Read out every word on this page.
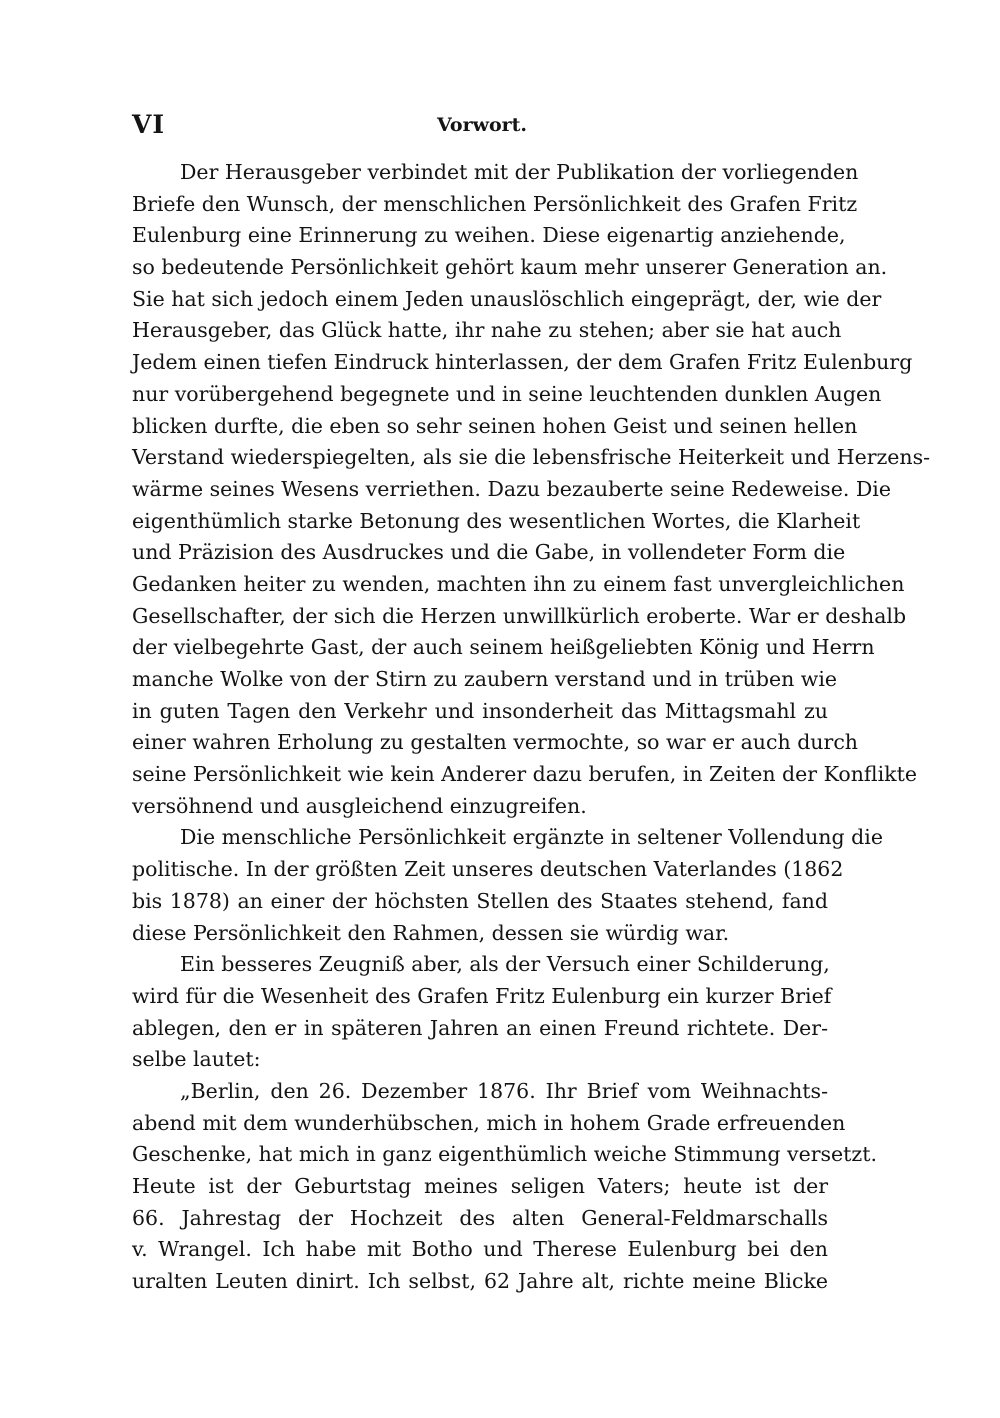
VI	Vorwort.
Der Herausgeber verbindet mit der Publikation der vorliegenden
Briefe den Wunsch, der menschlichen Persönlichkeit des Grafen Fritz
Eulenburg eine Erinnerung zu weihen. Diese eigenartig anziehende,
so bedeutende Persönlichkeit gehört kaum mehr unserer Generation an.
Sie hat sich jedoch einem Jeden unauslöschlich eingeprägt, der, wie der
Herausgeber, das Glück hatte, ihr nahe zu stehen; aber sie hat auch
Jedem einen tiefen Eindruck hinterlassen, der dem Grafen Fritz Eulenburg
nur vorübergehend begegnete und in seine leuchtenden dunklen Augen
blicken durfte, die eben so sehr seinen hohen Geist und seinen hellen
Verstand wiederspiegelten, als sie die lebensfrische Heiterkeit und Herzens-
wärme seines Wesens verriethen. Dazu bezauberte seine Redeweise. Die
eigenthümlich starke Betonung des wesentlichen Wortes, die Klarheit
und Präzision des Ausdruckes und die Gabe, in vollendeter Form die
Gedanken heiter zu wenden, machten ihn zu einem fast unvergleichlichen
Gesellschafter, der sich die Herzen unwillkürlich eroberte. War er deshalb
der vielbegehrte Gast, der auch seinem heißgeliebten König und Herrn
manche Wolke von der Stirn zu zaubern verstand und in trüben wie
in guten Tagen den Verkehr und insonderheit das Mittagsmahl zu
einer wahren Erholung zu gestalten vermochte, so war er auch durch
seine Persönlichkeit wie kein Anderer dazu berufen, in Zeiten der Konflikte
versöhnend und ausgleichend einzugreifen.
Die menschliche Persönlichkeit ergänzte in seltener Vollendung die
politische. In der größten Zeit unseres deutschen Vaterlandes (1862
bis 1878) an einer der höchsten Stellen des Staates stehend, fand
diese Persönlichkeit den Rahmen, dessen sie würdig war.
Ein besseres Zeugniß aber, als der Versuch einer Schilderung,
wird für die Wesenheit des Grafen Fritz Eulenburg ein kurzer Brief
ablegen, den er in späteren Jahren an einen Freund richtete. Der-
selbe lautet:
„Berlin, den 26. Dezember 1876. Ihr Brief vom Weihnachts-
abend mit dem wunderhübschen, mich in hohem Grade erfreuenden
Geschenke, hat mich in ganz eigenthümlich weiche Stimmung versetzt.
Heute ist der Geburtstag meines seligen Vaters; heute ist der
66. Jahrestag der Hochzeit des alten General-Feldmarschalls
v. Wrangel. Ich habe mit Botho und Therese Eulenburg bei den
uralten Leuten dinirt. Ich selbst, 62 Jahre alt, richte meine Blicke
